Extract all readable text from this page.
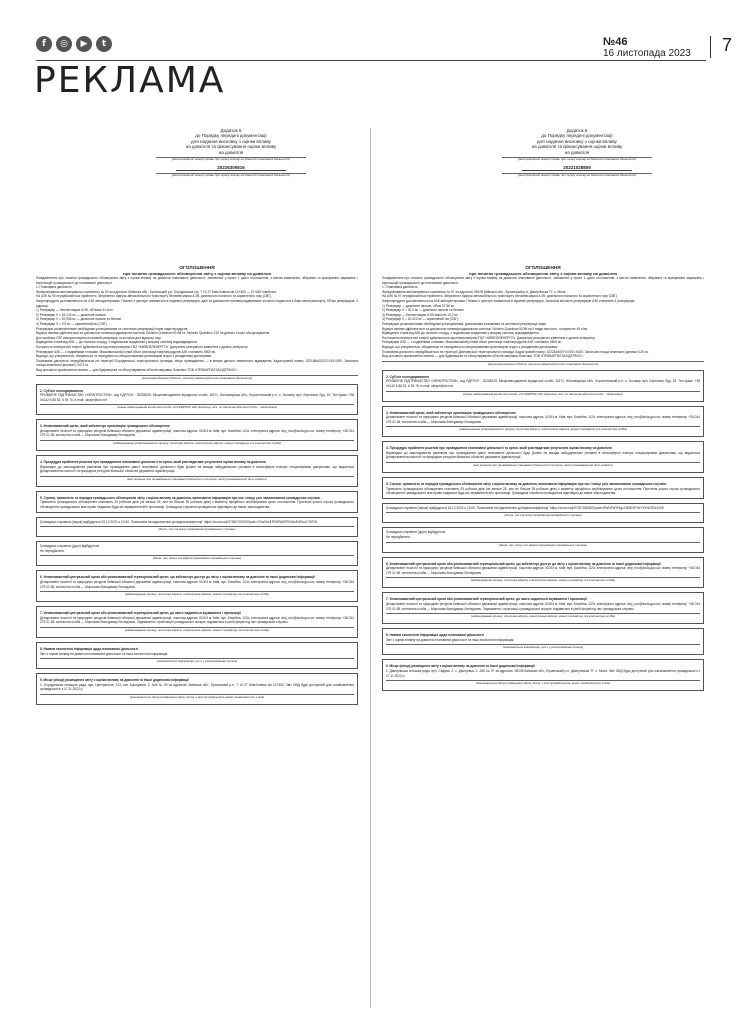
f	◎	▶	t	№46
16 листопада 2023 7
РЕКЛАМА
Додаток 5
до Порядку передачі документації
для надання висновку з оцінки впливу
на довкілля та фінансування оцінки впливу
на довкілля
(реєстраційний номер справи про оцінку впливу на довкілля планованої діяльності)
20226309816
(реєстраційний номер справи про оцінку впливу на довкілля планованої діяльності)
ОГОЛОШЕННЯ
про початок громадського обговорення звіту з оцінки впливу на довкілля

Повідомлення про початок громадського обговорення звіту з оцінки впливу на довкілля планованої діяльності, зазначеної у пункті 1 цього оголошення, з метою виявлення, збирання та врахування зауважень і пропозицій громадськості до планованої діяльності.

1. Планована діяльність

Функціонування автозаправного комплексу № 90 за адресою: Київська обл., Бучанський р-н, Бородянська с/р, Т 10 27 Київ-Ковель км 12+363 — 12+652 лівобічно.

На АЗК № 90 передбачається прийняття, зберігання і відпуск автомобільного транспорту бензинів марки А-95, дизельного пального та скрапленого газу (СВГ).

Нафтопродукти доставляються на АЗК автоцистернами. Паливо з цистерн зливається в підземні резервуари, далі за допомогою паливороздавальних колонок подається в баки автотранспорту. Об'єм резервуарів: 4 одиниці.

1) Резервуар — бензин марки А-95, об'ємом 31,8 м³.

2) Резервуар V = 16,134 м³ — дизельне пальне.

3) Резервуар V = 52,996 м³ — дизельне пальне та бензин.

4) Резервуар V = 9,9 м³ — скраплений газ (СВГ).

Резервуари укомплектовані необхідним устаткуванням та системою рекуперації парів нафтопродуктів.

Відпуск палива здійснюється за допомогою паливороздавальних колонок Tokheim Quantium 510M та Tokheim Quantium 210 на дев'ять сторін обслуговування.

Для прийому СВГ використовується газовий резервуар та колонка для відпуску газу.

Відведення стоків від АЗК — до очисних споруд, з подальшим скиданням у місцеву систему водовідведення.

Потужність електричної енергії здійснюється від електромережі ПАТ «КИЇВОБЛЕНЕРГО». Джерелом резервного живлення є дизель-генератор.

Резервуари АЗК — з подвійними стінками. Максимальний річний обсяг реалізації нафтопродуктів АЗК становить 5500 м³.

Відходи, що утворюються, збираються та передаються спеціалізованим організаціям згідно з укладеними договорами.

Планована діяльність передбачається на території Бородянської територіальної громади, місце провадження — в межах діючого земельного відведення. Кадастровий номер: 3221884402:02:015:0093. Загальна площа земельної ділянки 0,3472 га.

Вид цільового призначення земель — для будівництва та обслуговування об'єктів заправки. Власник: ТОВ «ПРИКАРПАТЗАХІДТРАНС».

(місцезнаходження об'єкта, технічні характеристики планованої діяльності)
2. Суб'єкт господарювання

ПРИВАТНЕ ПІДПРИЄМСТВО «УКРАПРОСТЕМ», код ЄДРПОУ - 32285225. Місцезнаходження юридичної особи: 11571, Житомирська обл., Коростенський р-н, с. Ушомир, вул. Березова, буд. 15. Тел./факс: +38 04142 6 88 52, 6 94 76, e-mail: ukrapr@ukr.net

(повне найменування юридичної особи, код ЄДРПОУ або прізвище, ім'я, по батькові фізичної особи - підприємця)
3. Уповноважений орган, який забезпечує організацію громадського обговорення

Департамент екології та природних ресурсів Київської обласної державної адміністрації, поштова адреса: 01004 м. Київ, вул. Басейна, 1/2А; електронна адреса: dep_eco@koda.gov.ua; номер телефону: +38 044 279 01 58; контактна особа — Морозова Володимир Леонідович.

(найменування уповноваженого органу, поштова адреса, електронна адреса, номер телефону та контактна особа)
4. Процедура прийняття рішення про провадження планованої діяльності та орган, який розглядатиме результати оцінки впливу на довкілля

Відповідно до законодавства рішенням про провадження даної планованої діяльності буде Дозвіл на викиди забруднюючих речовин в атмосферне повітря стаціонарними джерелами, що видається Департаментом екології та природних ресурсів Київської обласної державної адміністрації.

(вид рішення про провадження планованої діяльності та орган, який уповноважений його видати)
5. Строки, тривалість та порядок громадського обговорення звіту з оцінки впливу на довкілля, включаючи інформацію про час і місце усіх запланованих громадських слухань

Тривалість громадського обговорення становить 25 робочих днів (не менше 25, але не більше 35 робочих днів) з моменту офіційного опублікування цього оголошення. Протягом усього строку громадського обговорення громадськість має право подавати будь-які зауваження або пропозиції. Громадські слухання проводяться відповідно до вимог законодавства.

Громадські слухання (перші) відбудуться 20.12.2023 о 12:00. Посилання на підключення до відеоконференції: https://zoom.us/j/97960743290?pwd=YOwOnUlTFNPk5XFfXlJdvFnPkoU7I0F09

(дата, час та місце проведення громадських слухань)

Громадські слухання (другі) відбудуться
Не передбачено

(дата, час, місце та адреса проведення громадських слухань)
6. Уповноважений центральний орган або уповноважений територіальний орган, що забезпечує доступ до звіту з оцінки впливу на довкілля та іншої додаткової інформації

Департамент екології та природних ресурсів Київської обласної державної адміністрації, поштова адреса: 01004 м. Київ, вул. Басейна, 1/2А; електронна адреса: dep_eco@koda.gov.ua; номер телефону: +38 044 279 01 58; контактна особа — Морозова Володимир Леонідович.

(найменування органу, поштова адреса, електронна адреса, номер телефону та контактна особа)
7. Уповноважений центральний орган або уповноважений територіальний орган, до якого надаються зауваження і пропозиції

Департамент екології та природних ресурсів Київської обласної державної адміністрації, поштова адреса: 01004 м. Київ, вул. Басейна, 1/2А; електронна адреса: dep_eco@koda.gov.ua; номер телефону: +38 044 279 01 58; контактна особа — Морозова Володимир Леонідович. Зауваження і пропозиції громадськості можуть подаватися в усній формі під час громадських слухань.

(найменування органу, поштова адреса, електронна адреса, номер телефону та контактна особа)
8. Наявна екологічна інформація щодо планованої діяльності

Звіт з оцінки впливу на довкілля планованої діяльності та інша екологічна інформація.

(зазначається інформація, що є у розпорядженні органу)
9. Місце (місця) розміщення звіту з оцінки впливу на довкілля та іншої додаткової інформації

1. Бородянська селищна рада, вул. Центральна, 313, смт Бородянка. 2. АЗК № 90 за адресою: Київська обл., Бучанський р-н, Т 10 27 Київ-Ковель км 12+363. Звіт ОВД буде доступний для ознайомлення громадськості з 17.11.2023 р.

(зазначаються місця розміщення звіту, дата, з якої громадськість може ознайомитися з ним)
Додаток 5
до Порядку передачі документації
для надання висновку з оцінки впливу
на довкілля та фінансування оцінки впливу
на довкілля
(реєстраційний номер справи про оцінку впливу на довкілля планованої діяльності)
20221028809
(реєстраційний номер справи про оцінку впливу на довкілля планованої діяльності)
ОГОЛОШЕННЯ
про початок громадського обговорення звіту з оцінки впливу на довкілля

Повідомлення про початок громадського обговорення звіту з оцінки впливу на довкілля планованої діяльності, зазначеної у пункті 1 цього оголошення, з метою виявлення, збирання та врахування зауважень і пропозицій громадськості до планованої діяльності.

1. Планована діяльність

Функціонування автозаправного комплексу № 97 за адресою: 08105 Київська обл., Бучанський р-н, Дмитрівська ТГ, с. Мила.

На АЗК № 97 передбачається прийняття, зберігання і відпуск автомобільного транспорту бензинів марки А-95, дизельного пального та скрапленого газу (СВГ).

Нафтопродукти доставляються на АЗК автоцистернами. Паливо з цистерн зливається в підземні резервуари. Загальна місткість резервуарів АЗК становить 4 резервуари:

1) Резервуар — дизельне пальне, об'єм 57,58 м³.

2) Резервуар V = 20,3 м³ — дизельне пальне та бензин.

3) Резервуар — бензин марки А-95 ємністю 19,2 м³.

4) Резервуар V = 20,022 м³ — скраплений газ (СВГ).

Резервуари укомплектовані необхідним устаткуванням, дихальними клапанами та системою рекуперації парів.

Відпуск палива здійснюється за допомогою паливороздавальних колонок Tokheim Quantium 510M на 5 видів пального, потужністю 45 л/хв.

Відведення стоків від АЗК до очисних споруд, з подальшим скиданням у місцеву систему водовідведення.

Постачання електричної енергії здійснюється від електромережі ПАТ «КИЇВОБЛЕНЕРГО». Джерелом резервного живлення є дизель-генератор.

Резервуари АЗК — з подвійними стінками. Максимальний річний обсяг реалізації нафтопродуктів АЗК становить 5500 м³.

Відходи, що утворюються, збираються та передаються спеціалізованим організаціям згідно з укладеними договорами.

Планована діяльність передбачається на території Дмитрівської територіальної громади. Кадастровий номер: 3222484007:04:001:0020. Загальна площа земельної ділянки 0,25 га.

Вид цільового призначення земель — для будівництва та обслуговування об'єктів заправки. Власник: ТОВ «ПРИКАРПАТЗАХІДТРАНС».

(місцезнаходження об'єкта, технічні характеристики планованої діяльності)
2. Суб'єкт господарювання

ПРИВАТНЕ ПІДПРИЄМСТВО «УКРАПРОСТЕМ», код ЄДРПОУ - 32285225. Місцезнаходження юридичної особи: 11571, Житомирська обл., Коростенський р-н, с. Ушомир, вул. Березова, буд. 15. Тел./факс: +38 04142 6 88 52, 6 94 76, e-mail: ukrapr@ukr.net

(повне найменування юридичної особи, код ЄДРПОУ або прізвище, ім'я, по батькові фізичної особи - підприємця)
3. Уповноважений орган, який забезпечує організацію громадського обговорення

Департамент екології та природних ресурсів Київської обласної державної адміністрації, поштова адреса: 01004 м. Київ, вул. Басейна, 1/2А; електронна адреса: dep_eco@koda.gov.ua; номер телефону: +38 044 279 01 58; контактна особа — Морозова Володимир Леонідович.

(найменування уповноваженого органу, поштова адреса, електронна адреса, номер телефону та контактна особа)
4. Процедура прийняття рішення про провадження планованої діяльності та орган, який розглядатиме результати оцінки впливу на довкілля

Відповідно до законодавства рішенням про провадження даної планованої діяльності буде Дозвіл на викиди забруднюючих речовин в атмосферне повітря стаціонарними джерелами, що видається Департаментом екології та природних ресурсів Київської обласної державної адміністрації.

(вид рішення про провадження планованої діяльності та орган, який уповноважений його видати)
5. Строки, тривалість та порядок громадського обговорення звіту з оцінки впливу на довкілля, включаючи інформацію про час і місце усіх запланованих громадських слухань

Тривалість громадського обговорення становить 25 робочих днів (не менше 25, але не більше 35 робочих днів) з моменту офіційного опублікування цього оголошення. Протягом усього строку громадського обговорення громадськість має право подавати будь-які зауваження або пропозиції. Громадські слухання проводяться відповідно до вимог законодавства.

Громадські слухання (перші) відбудуться 18.12.2023 о 12:00. Посилання на підключення до відеоконференції: https://zoom.us/j/97307525363?pwd=RWUFeDF4gcY5NEGFVeYXVhlZSDrZv09

(дата, час та місце проведення громадських слухань)

Громадські слухання (другі) відбудуться
Не передбачено

(дата, час, місце та адреса проведення громадських слухань)
6. Уповноважений центральний орган або уповноважений територіальний орган, що забезпечує доступ до звіту з оцінки впливу на довкілля та іншої додаткової інформації

Департамент екології та природних ресурсів Київської обласної державної адміністрації, поштова адреса: 01004 м. Київ, вул. Басейна, 1/2А; електронна адреса: dep_eco@koda.gov.ua; номер телефону: +38 044 279 01 58; контактна особа — Морозова Володимир Леонідович.

(найменування органу, поштова адреса, електронна адреса, номер телефону та контактна особа)
7. Уповноважений центральний орган або уповноважений територіальний орган, до якого надаються зауваження і пропозиції

Департамент екології та природних ресурсів Київської обласної державної адміністрації, поштова адреса: 01004 м. Київ, вул. Басейна, 1/2А; електронна адреса: dep_eco@koda.gov.ua; номер телефону: +38 044 279 01 58; контактна особа — Морозова Володимир Леонідович. Зауваження і пропозиції громадськості можуть подаватися в усній формі під час громадських слухань.

(найменування органу, поштова адреса, електронна адреса, номер телефону та контактна особа)
8. Наявна екологічна інформація щодо планованої діяльності

Звіт з оцінки впливу на довкілля планованої діяльності та інша екологічна інформація.

(зазначається інформація, що є у розпорядженні органу)
9. Місце (місця) розміщення звіту з оцінки впливу на довкілля та іншої додаткової інформації

1. Дмитрівська сільська рада, вул. Садова, 2, с. Дмитрівка. 2. АЗК № 97 за адресою: 08105 Київська обл., Бучанський р-н, Дмитрівська ТГ, с. Мила. Звіт ОВД буде доступний для ознайомлення громадськості з 17.11.2023 р.

(зазначаються місця розміщення звіту, дата, з якої громадськість може ознайомитися з ним)
